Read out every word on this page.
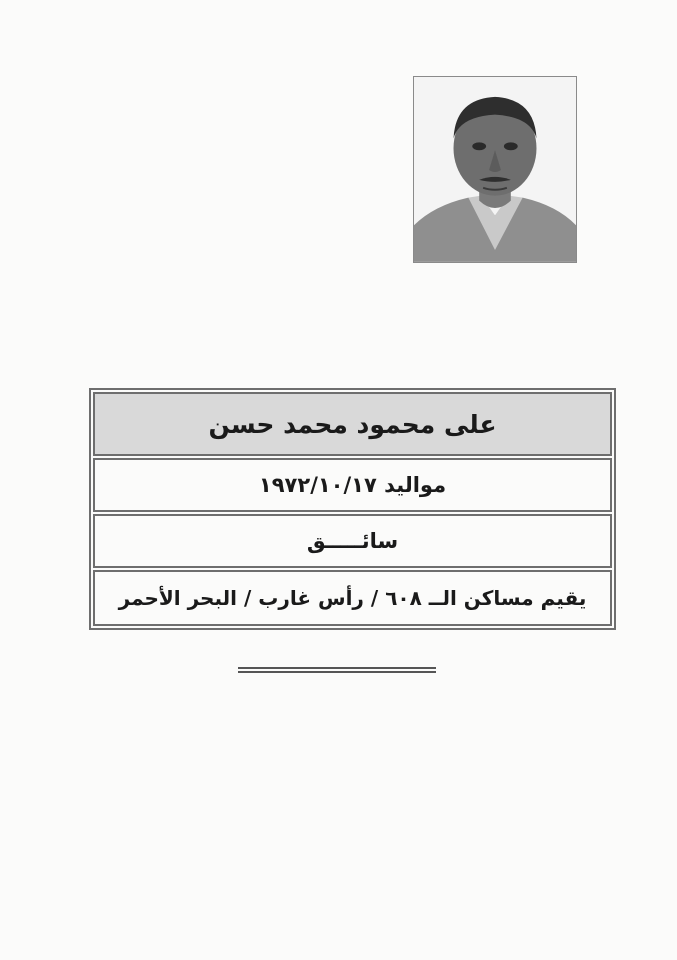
على محمود محمد حسن
مواليد ١٩٧٢/١٠/١٧
سائـــــق
يقيم مساكن الــ ٦٠٨ / رأس غارب / البحر الأحمر
